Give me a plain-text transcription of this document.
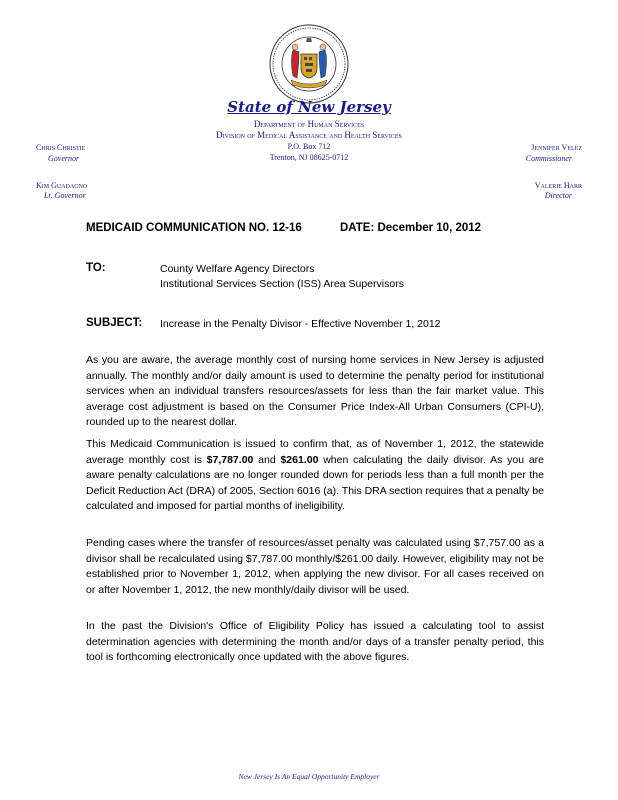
State of New Jersey
Department of Human Services
Division of Medical Assistance and Health Services
P.O. Box 712
Trenton, NJ 08625-0712
Chris Christie
Governor
Kim Guadagno
Lt. Governor
Jennifer Velez
Commissioner
Valerie Harr
Director
MEDICAID COMMUNICATION NO. 12-16	DATE: December 10, 2012
TO:	County Welfare Agency Directors
Institutional Services Section (ISS) Area Supervisors
SUBJECT: Increase in the Penalty Divisor - Effective November 1, 2012

As you are aware, the average monthly cost of nursing home services in New Jersey is adjusted annually. The monthly and/or daily amount is used to determine the penalty period for institutional services when an individual transfers resources/assets for less than the fair market value. This average cost adjustment is based on the Consumer Price Index-All Urban Consumers (CPI-U), rounded up to the nearest dollar.

This Medicaid Communication is issued to confirm that, as of November 1, 2012, the statewide average monthly cost is $7,787.00 and $261.00 when calculating the daily divisor. As you are aware penalty calculations are no longer rounded down for periods less than a full month per the Deficit Reduction Act (DRA) of 2005, Section 6016 (a). This DRA section requires that a penalty be calculated and imposed for partial months of ineligibility.

Pending cases where the transfer of resources/asset penalty was calculated using $7,757.00 as a divisor shall be recalculated using $7,787.00 monthly/$261.00 daily. However, eligibility may not be established prior to November 1, 2012, when applying the new divisor. For all cases received on or after November 1, 2012, the new monthly/daily divisor will be used.

In the past the Division's Office of Eligibility Policy has issued a calculating tool to assist determination agencies with determining the month and/or days of a transfer penalty period, this tool is forthcoming electronically once updated with the above figures.

New Jersey Is An Equal Opportunity Employer
